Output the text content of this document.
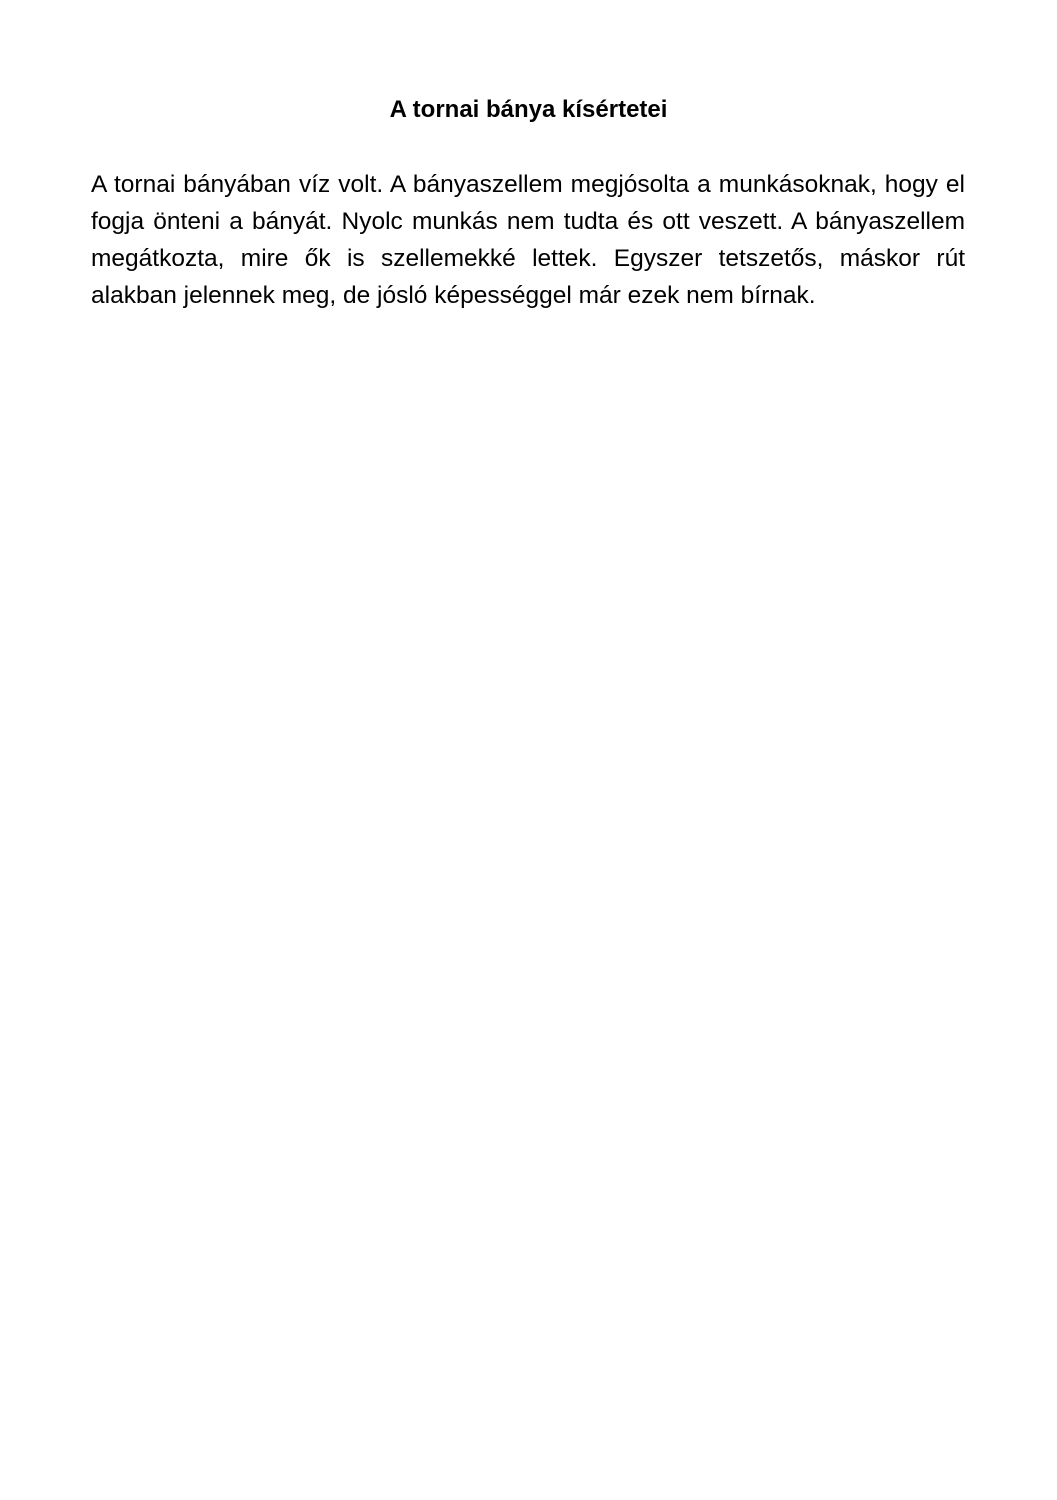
A tornai bánya kísértetei

A tornai bányában víz volt. A bányaszellem megjósolta a munkásoknak, hogy el fogja önteni a bányát. Nyolc munkás nem tudta és ott veszett. A bányaszellem megátkozta, mire ők is szellemekké lettek. Egyszer tetszetős, máskor rút alakban jelennek meg, de jósló képességgel már ezek nem bírnak.
